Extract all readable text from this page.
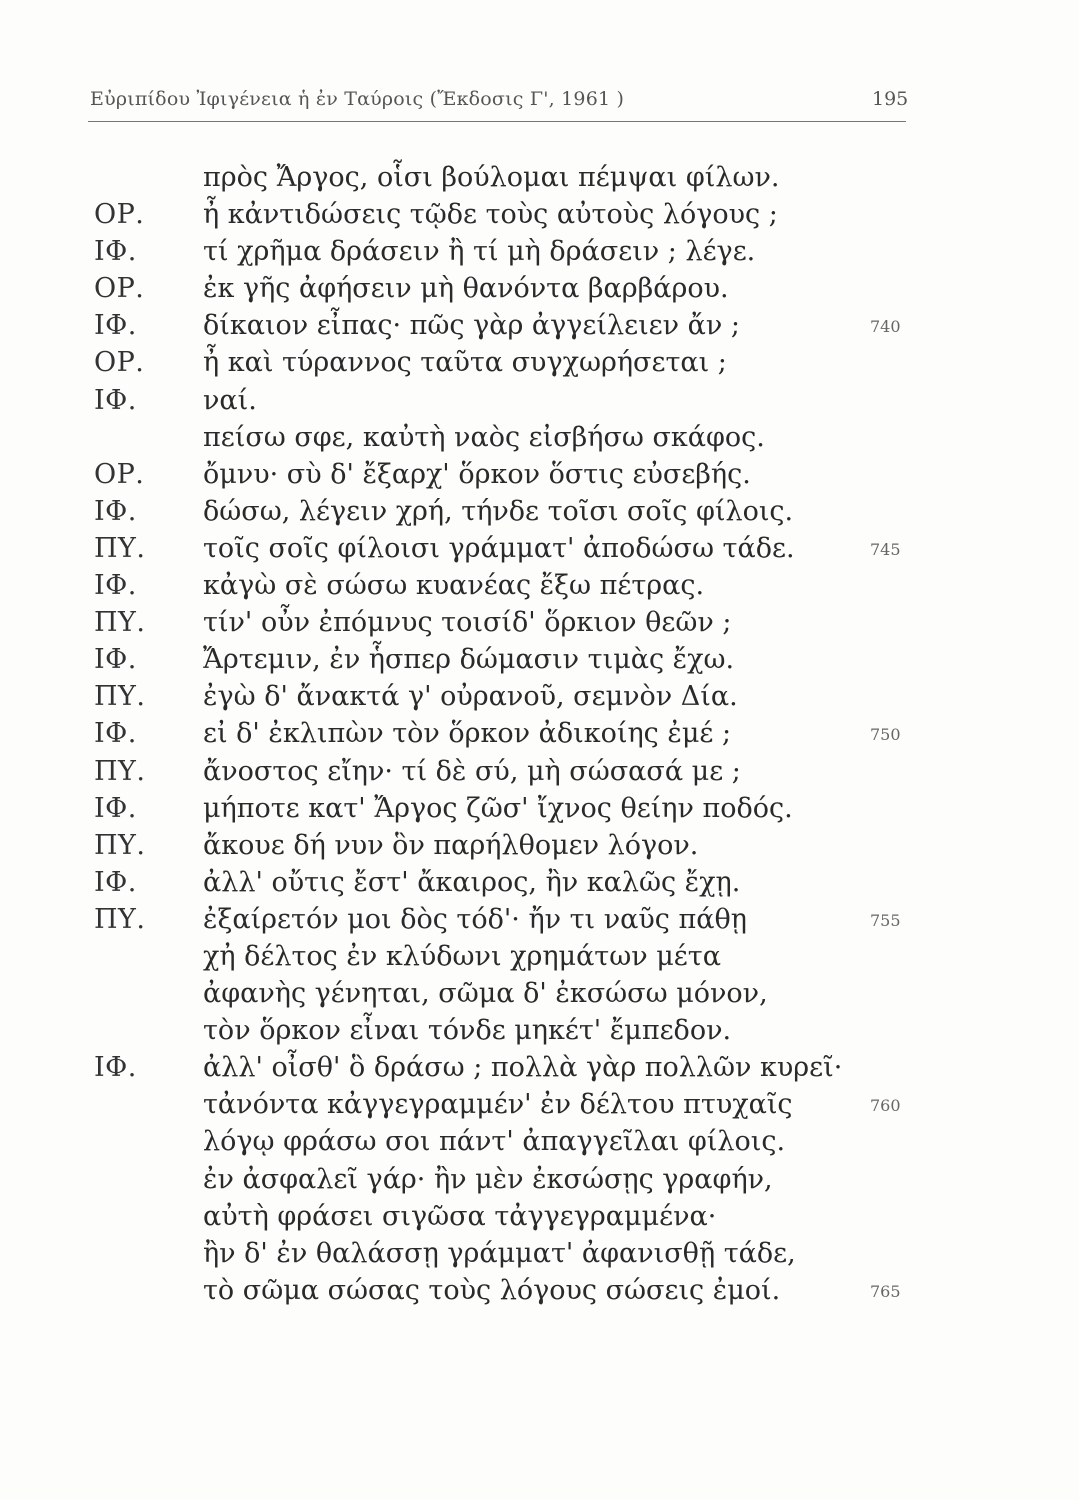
Εὐριπίδου Ἰφιγένεια ἡ ἐν Ταύροις (Ἔκδοσις Γ', 1961 )	195
πρὸς Ἄργος, οἷσι βούλομαι πέμψαι φίλων.
ΟΡ. ἦ κἀντιδώσεις τῷδε τοὺς αὐτοὺς λόγους ;
ΙΦ. τί χρῆμα δράσειν ἢ τί μὴ δράσειν ; λέγε.
ΟΡ. ἐκ γῆς ἀφήσειν μὴ θανόντα βαρβάρου.
ΙΦ. δίκαιον εἶπας· πῶς γὰρ ἀγγείλειεν ἄν ;	740
ΟΡ. ἦ καὶ τύραννος ταῦτα συγχωρήσεται ;
ΙΦ. ναί.
πείσω σφε, καὐτὴ ναὸς εἰσβήσω σκάφος.
ΟΡ. ὄμνυ· σὺ δ' ἔξαρχ' ὅρκον ὅστις εὐσεβής.
ΙΦ. δώσω, λέγειν χρή, τήνδε τοῖσι σοῖς φίλοις.
ΠΥ. τοῖς σοῖς φίλοισι γράμματ' ἀποδώσω τάδε.	745
ΙΦ. κἀγὼ σὲ σώσω κυανέας ἔξω πέτρας.
ΠΥ. τίν' οὖν ἐπόμνυς τοισίδ' ὅρκιον θεῶν ;
ΙΦ. Ἄρτεμιν, ἐν ἧσπερ δώμασιν τιμὰς ἔχω.
ΠΥ. ἐγὼ δ' ἄνακτά γ' οὐρανοῦ, σεμνὸν Δία.
ΙΦ. εἰ δ' ἐκλιπὼν τὸν ὅρκον ἀδικοίης ἐμέ ;	750
ΠΥ. ἄνοστος εἴην· τί δὲ σύ, μὴ σώσασά με ;
ΙΦ. μήποτε κατ' Ἄργος ζῶσ' ἴχνος θείην ποδός.
ΠΥ. ἄκουε δή νυν ὃν παρήλθομεν λόγον.
ΙΦ. ἀλλ' οὔτις ἔστ' ἄκαιρος, ἢν καλῶς ἔχῃ.
ΠΥ. ἐξαίρετόν μοι δὸς τόδ'· ἤν τι ναῦς πάθῃ	755
χἠ δέλτος ἐν κλύδωνι χρημάτων μέτα
ἀφανὴς γένηται, σῶμα δ' ἐκσώσω μόνον,
τὸν ὅρκον εἶναι τόνδε μηκέτ' ἔμπεδον.
ΙΦ. ἀλλ' οἶσθ' ὃ δράσω ; πολλὰ γὰρ πολλῶν κυρεῖ·
τἀνόντα κἀγγεγραμμέν' ἐν δέλτου πτυχαῖς	760
λόγῳ φράσω σοι πάντ' ἀπαγγεῖλαι φίλοις.
ἐν ἀσφαλεῖ γάρ· ἢν μὲν ἐκσώσῃς γραφήν,
αὐτὴ φράσει σιγῶσα τἀγγεγραμμένα·
ἢν δ' ἐν θαλάσσῃ γράμματ' ἀφανισθῇ τάδε,
τὸ σῶμα σώσας τοὺς λόγους σώσεις ἐμοί.	765
